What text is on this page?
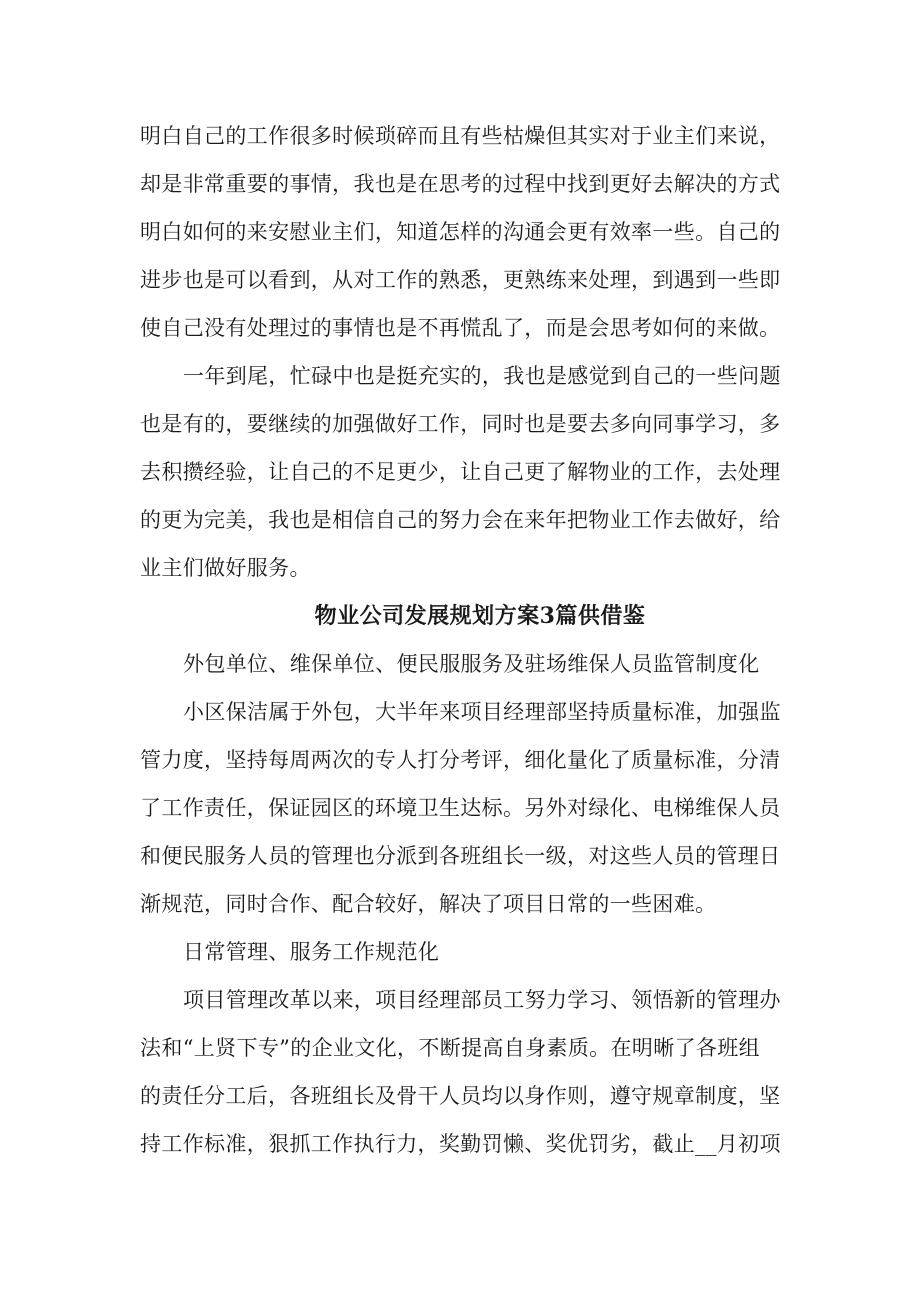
明白自己的工作很多时候琐碎而且有些枯燥但其实对于业主们来说，
却是非常重要的事情，我也是在思考的过程中找到更好去解决的方式
明白如何的来安慰业主们，知道怎样的沟通会更有效率一些。自己的
进步也是可以看到，从对工作的熟悉，更熟练来处理，到遇到一些即
使自己没有处理过的事情也是不再慌乱了，而是会思考如何的来做。
一年到尾，忙碌中也是挺充实的，我也是感觉到自己的一些问题
也是有的，要继续的加强做好工作，同时也是要去多向同事学习，多
去积攒经验，让自己的不足更少，让自己更了解物业的工作，去处理
的更为完美，我也是相信自己的努力会在来年把物业工作去做好，给
业主们做好服务。
物业公司发展规划方案3篇供借鉴
外包单位、维保单位、便民服服务及驻场维保人员监管制度化
小区保洁属于外包，大半年来项目经理部坚持质量标准，加强监
管力度，坚持每周两次的专人打分考评，细化量化了质量标准，分清
了工作责任，保证园区的环境卫生达标。另外对绿化、电梯维保人员
和便民服务人员的管理也分派到各班组长一级，对这些人员的管理日
渐规范，同时合作、配合较好，解决了项目日常的一些困难。
日常管理、服务工作规范化
项目管理改革以来，项目经理部员工努力学习、领悟新的管理办
法和“上贤下专”的企业文化，不断提高自身素质。在明晰了各班组
的责任分工后，各班组长及骨干人员均以身作则，遵守规章制度，坚
持工作标准，狠抓工作执行力，奖勤罚懒、奖优罚劣，截止__月初项
